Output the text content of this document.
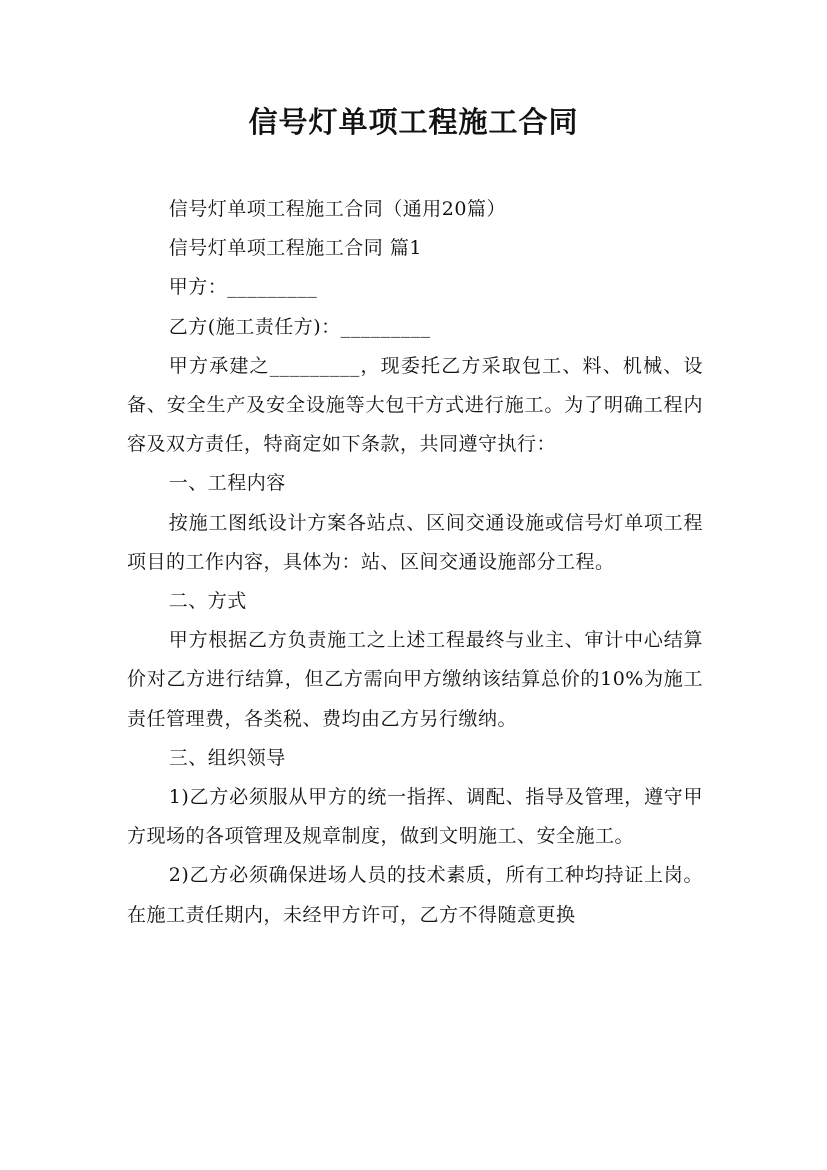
信号灯单项工程施工合同

信号灯单项工程施工合同（通用20篇）

信号灯单项工程施工合同 篇1

甲方：_________

乙方(施工责任方)：_________

甲方承建之_________，现委托乙方采取包工、料、机械、设备、安全生产及安全设施等大包干方式进行施工。为了明确工程内容及双方责任，特商定如下条款，共同遵守执行：

一、工程内容

按施工图纸设计方案各站点、区间交通设施或信号灯单项工程项目的工作内容，具体为：站、区间交通设施部分工程。

二、方式

甲方根据乙方负责施工之上述工程最终与业主、审计中心结算价对乙方进行结算，但乙方需向甲方缴纳该结算总价的10%为施工责任管理费，各类税、费均由乙方另行缴纳。

三、组织领导

1)乙方必须服从甲方的统一指挥、调配、指导及管理，遵守甲方现场的各项管理及规章制度，做到文明施工、安全施工。

2)乙方必须确保进场人员的技术素质，所有工种均持证上岗。在施工责任期内，未经甲方许可，乙方不得随意更换
